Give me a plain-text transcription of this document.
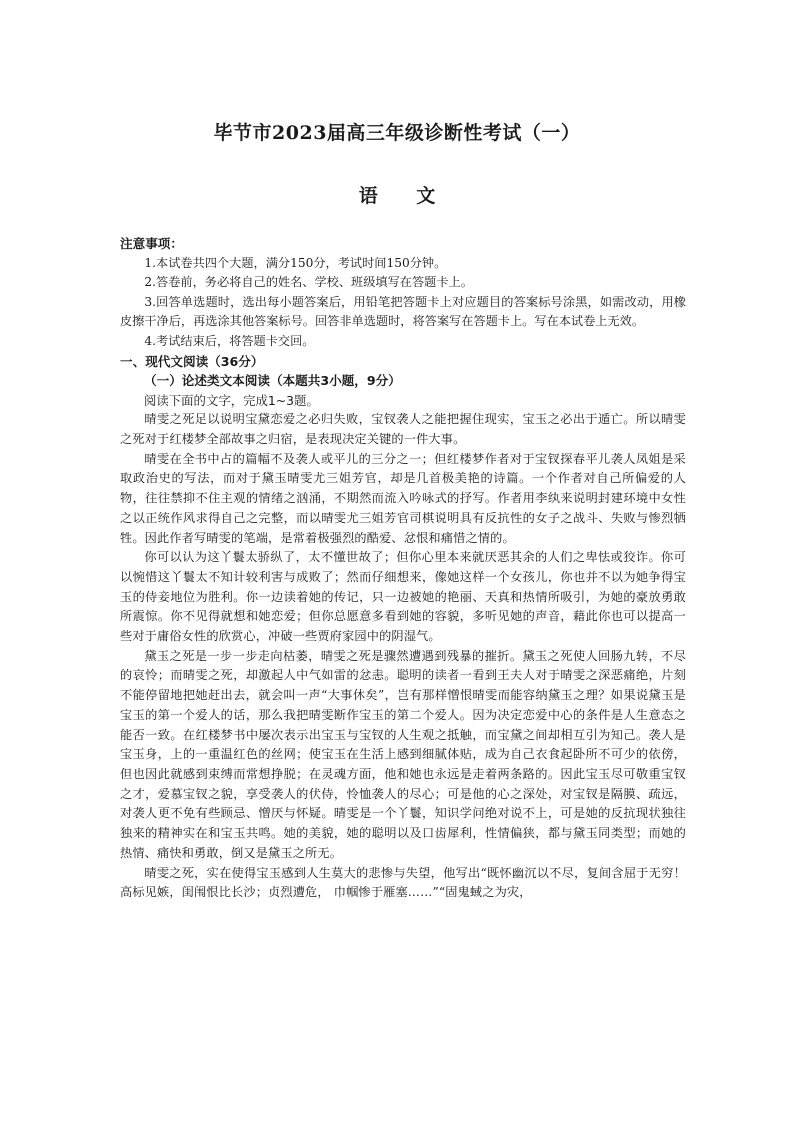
毕节市2023届高三年级诊断性考试（一）
语 文

注意事项：

1.本试卷共四个大题，满分150分，考试时间150分钟。

2.答卷前，务必将自己的姓名、学校、班级填写在答题卡上。

3.回答单选题时，选出每小题答案后，用铅笔把答题卡上对应题目的答案标号涂黑，如需改动，用橡皮擦干净后，再选涂其他答案标号。回答非单选题时，将答案写在答题卡上。写在本试卷上无效。

4.考试结束后，将答题卡交回。

一、现代文阅读（36分）

（一）论述类文本阅读（本题共3小题，9分）

阅读下面的文字，完成1~3题。

晴雯之死足以说明宝黛恋爱之必归失败，宝钗袭人之能把握住现实，宝玉之必出于遁亡。所以晴雯之死对于红楼梦全部故事之归宿，是表现决定关键的一件大事。

晴雯在全书中占的篇幅不及袭人或平儿的三分之一；但红楼梦作者对于宝钗探春平儿袭人凤姐是采取政治史的写法，而对于黛玉晴雯尤三姐芳官，却是几首极美艳的诗篇。一个作者对自己所偏爱的人物，往往禁抑不住主观的情绪之汹涌，不期然而流入吟咏式的抒写。作者用李纨来说明封建环境中女性之以正统作风求得自己之完整，而以晴雯尤三姐芳官司棋说明具有反抗性的女子之战斗、失败与惨烈牺牲。因此作者写晴雯的笔端，是常着极强烈的酷爱、忿恨和痛惜之情的。

你可以认为这丫鬟太骄纵了，太不懂世故了；但你心里本来就厌恶其余的人们之卑怯或狡诈。你可以惋惜这丫鬟太不知计较利害与成败了；然而仔细想来，像她这样一个女孩儿，你也并不以为她争得宝玉的侍妾地位为胜利。你一边读着她的传记，只一边被她的艳丽、天真和热情所吸引，为她的豪放勇敢所震惊。你不见得就想和她恋爱；但你总愿意多看到她的容貌，多听见她的声音，藉此你也可以提高一些对于庸俗女性的欣赏心，冲破一些贾府家园中的阴湿气。

黛玉之死是一步一步走向枯萎，晴雯之死是骤然遭遇到残暴的摧折。黛玉之死使人回肠九转，不尽的哀怜；而晴雯之死，却激起人中气如雷的忿恚。聪明的读者一看到王夫人对于晴雯之深恶痛绝，片刻不能停留地把她赶出去，就会叫一声“大事休矣”，岂有那样憎恨晴雯而能容纳黛玉之理？如果说黛玉是宝玉的第一个爱人的话，那么我把晴雯断作宝玉的第二个爱人。因为决定恋爱中心的条件是人生意态之能否一致。在红楼梦书中屡次表示出宝玉与宝钗的人生观之抵触，而宝黛之间却相互引为知己。袭人是宝玉身，上的一重温红色的丝网；使宝玉在生活上感到细腻体贴，成为自己衣食起卧所不可少的依傍，但也因此就感到束缚而常想挣脱；在灵魂方面，他和她也永远是走着两条路的。因此宝玉尽可敬重宝钗之才，爱慕宝钗之貌，享受袭人的伏侍，怜恤袭人的尽心；可是他的心之深处，对宝钗是隔膜、疏远，对袭人更不免有些顾忌、憎厌与怀疑。晴雯是一个丫鬟，知识学问绝对说不上，可是她的反抗现状独往独来的精神实在和宝玉共鸣。她的美貌，她的聪明以及口齿犀利，性情偏狭，都与黛玉同类型；而她的热情、痛快和勇敢，倒又是黛玉之所无。

晴雯之死，实在使得宝玉感到人生莫大的悲惨与失望，他写出“既怀幽沉以不尽，复间含屈于无穷！高标见嫉，闺闱恨比长沙；贞烈遭危， 巾帼惨于雁塞……”“固鬼蜮之为灾，
